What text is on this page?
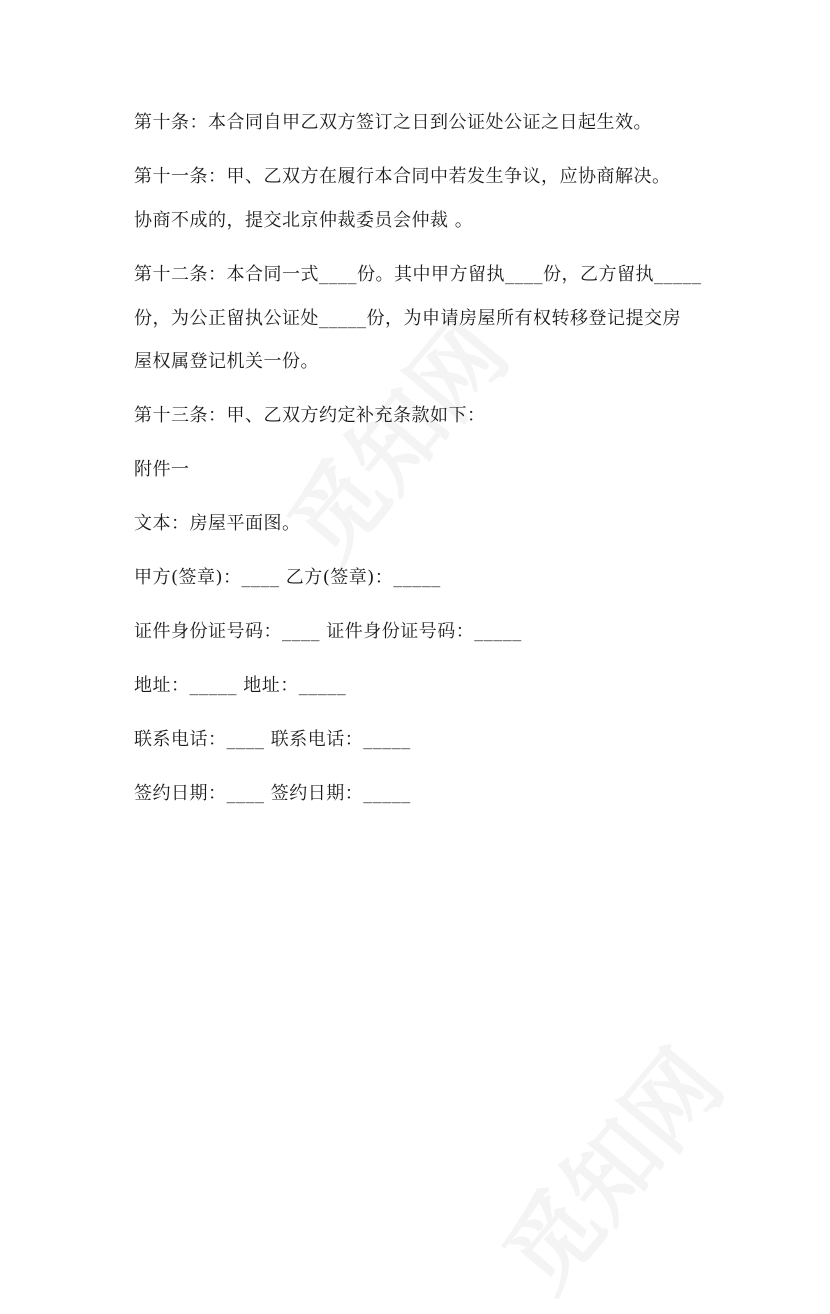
第十条：本合同自甲乙双方签订之日到公证处公证之日起生效。
第十一条：甲、乙双方在履行本合同中若发生争议，应协商解决。
协商不成的，提交北京仲裁委员会仲裁 。
第十二条：本合同一式____份。其中甲方留执____份，乙方留执_____
份，为公正留执公证处_____份，为申请房屋所有权转移登记提交房
屋权属登记机关一份。
第十三条：甲、乙双方约定补充条款如下：
附件一
文本：房屋平面图。
甲方(签章)：____ 乙方(签章)：_____
证件身份证号码：____ 证件身份证号码：_____
地址：_____ 地址：_____
联系电话：____ 联系电话：_____
签约日期：____ 签约日期：_____
